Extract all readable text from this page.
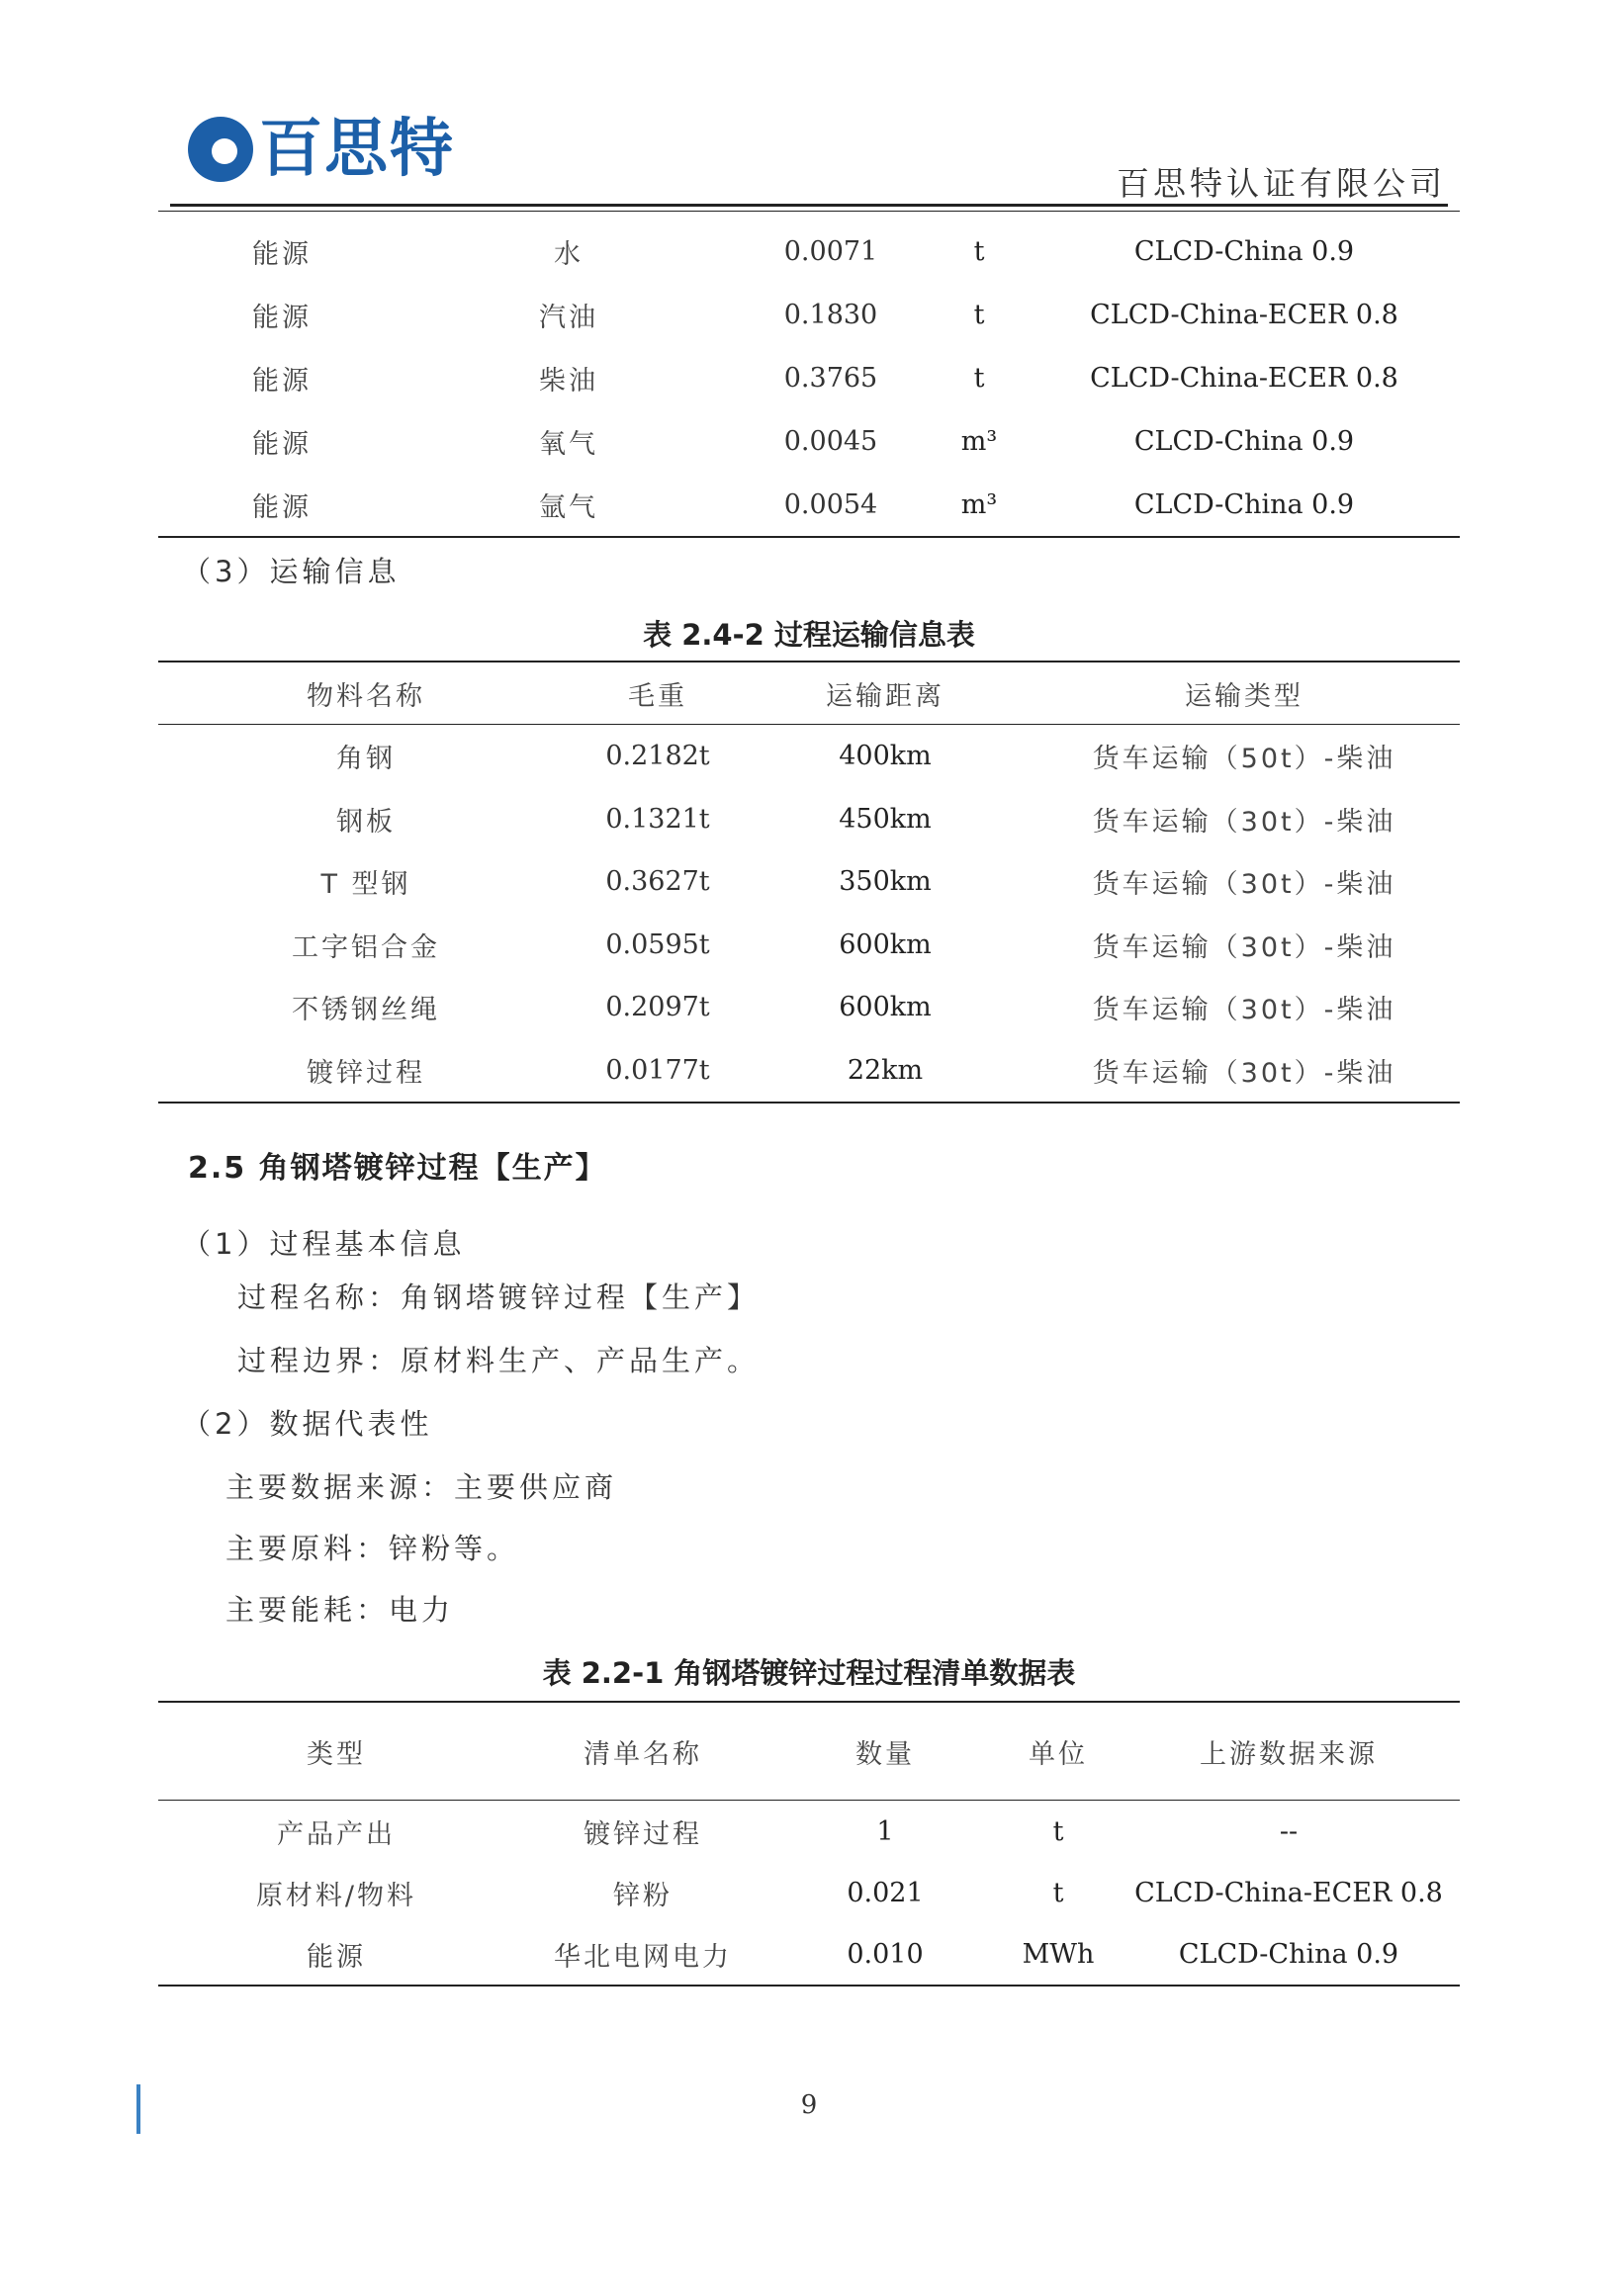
百思特	百思特认证有限公司
能源	水	0.0071	t	CLCD-China 0.9
能源	汽油	0.1830	t	CLCD-China-ECER 0.8
能源	柴油	0.3765	t	CLCD-China-ECER 0.8
能源	氧气	0.0045	m³	CLCD-China 0.9
能源	氩气	0.0054	m³	CLCD-China 0.9
（3）运输信息
表 2.4-2 过程运输信息表
物料名称	毛重	运输距离	运输类型
角钢	0.2182t	400km	货车运输（50t）-柴油
钢板	0.1321t	450km	货车运输（30t）-柴油
T 型钢	0.3627t	350km	货车运输（30t）-柴油
工字铝合金	0.0595t	600km	货车运输（30t）-柴油
不锈钢丝绳	0.2097t	600km	货车运输（30t）-柴油
镀锌过程	0.0177t	22km	货车运输（30t）-柴油
2.5 角钢塔镀锌过程【生产】
（1）过程基本信息
过程名称：角钢塔镀锌过程【生产】
过程边界：原材料生产、产品生产。
（2）数据代表性
主要数据来源：主要供应商
主要原料：锌粉等。
主要能耗：电力
表 2.2-1 角钢塔镀锌过程过程清单数据表
类型	清单名称	数量	单位	上游数据来源
产品产出	镀锌过程	1	t	--
原材料/物料	锌粉	0.021	t	CLCD-China-ECER 0.8
能源	华北电网电力	0.010	MWh	CLCD-China 0.9
9
